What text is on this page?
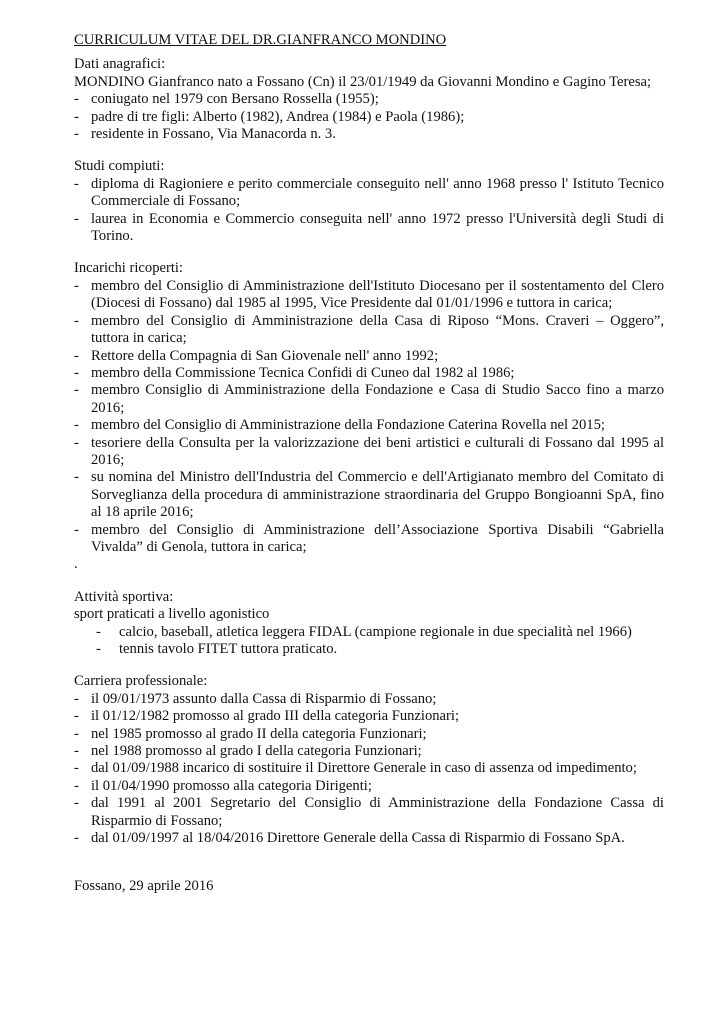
CURRICULUM VITAE DEL DR.GIANFRANCO MONDINO

Dati anagrafici:

MONDINO Gianfranco nato a Fossano (Cn) il 23/01/1949 da Giovanni Mondino e Gagino Teresa;

- coniugato nel 1979 con Bersano Rossella (1955);
- padre di tre figli: Alberto (1982), Andrea (1984) e Paola (1986);
- residente in Fossano, Via Manacorda n. 3.

Studi compiuti:

- diploma di Ragioniere e perito commerciale conseguito nell' anno 1968 presso l' Istituto Tecnico Commerciale di Fossano;
- laurea in Economia e Commercio conseguita nell' anno 1972 presso l'Università degli Studi di Torino.

Incarichi ricoperti:

- membro del Consiglio di Amministrazione dell'Istituto Diocesano per il sostentamento del Clero (Diocesi di Fossano) dal 1985 al 1995, Vice Presidente dal 01/01/1996 e tuttora in carica;
- membro del Consiglio di Amministrazione della Casa di Riposo “Mons. Craveri – Oggero”, tuttora in carica;
- Rettore della Compagnia di San Giovenale nell' anno 1992;
- membro della Commissione Tecnica Confidi di Cuneo dal 1982 al 1986;
- membro Consiglio di Amministrazione della Fondazione e Casa di Studio Sacco fino a marzo 2016;
- membro del Consiglio di Amministrazione della Fondazione Caterina Rovella nel 2015;
- tesoriere della Consulta per la valorizzazione dei beni artistici e culturali di Fossano dal 1995 al 2016;
- su nomina del Ministro dell'Industria del Commercio e dell'Artigianato membro del Comitato di Sorveglianza della procedura di amministrazione straordinaria del Gruppo Bongioanni SpA, fino al 18 aprile 2016;
- membro del Consiglio di Amministrazione dell’Associazione Sportiva Disabili “Gabriella Vivalda” di Genola, tuttora in carica;

.

Attività sportiva:

sport praticati a livello agonistico

- calcio, baseball, atletica leggera FIDAL (campione regionale in due specialità nel 1966)
- tennis tavolo FITET tuttora praticato.

Carriera professionale:

- il 09/01/1973 assunto dalla Cassa di Risparmio di Fossano;
- il 01/12/1982 promosso al grado III della categoria Funzionari;
- nel 1985 promosso al grado II della categoria Funzionari;
- nel 1988 promosso al grado I della categoria Funzionari;
- dal 01/09/1988 incarico di sostituire il Direttore Generale in caso di assenza od impedimento;
- il 01/04/1990 promosso alla categoria Dirigenti;
- dal 1991 al 2001 Segretario del Consiglio di Amministrazione della Fondazione Cassa di Risparmio di Fossano;
- dal 01/09/1997 al 18/04/2016 Direttore Generale della Cassa di Risparmio di Fossano SpA.

Fossano, 29 aprile 2016
